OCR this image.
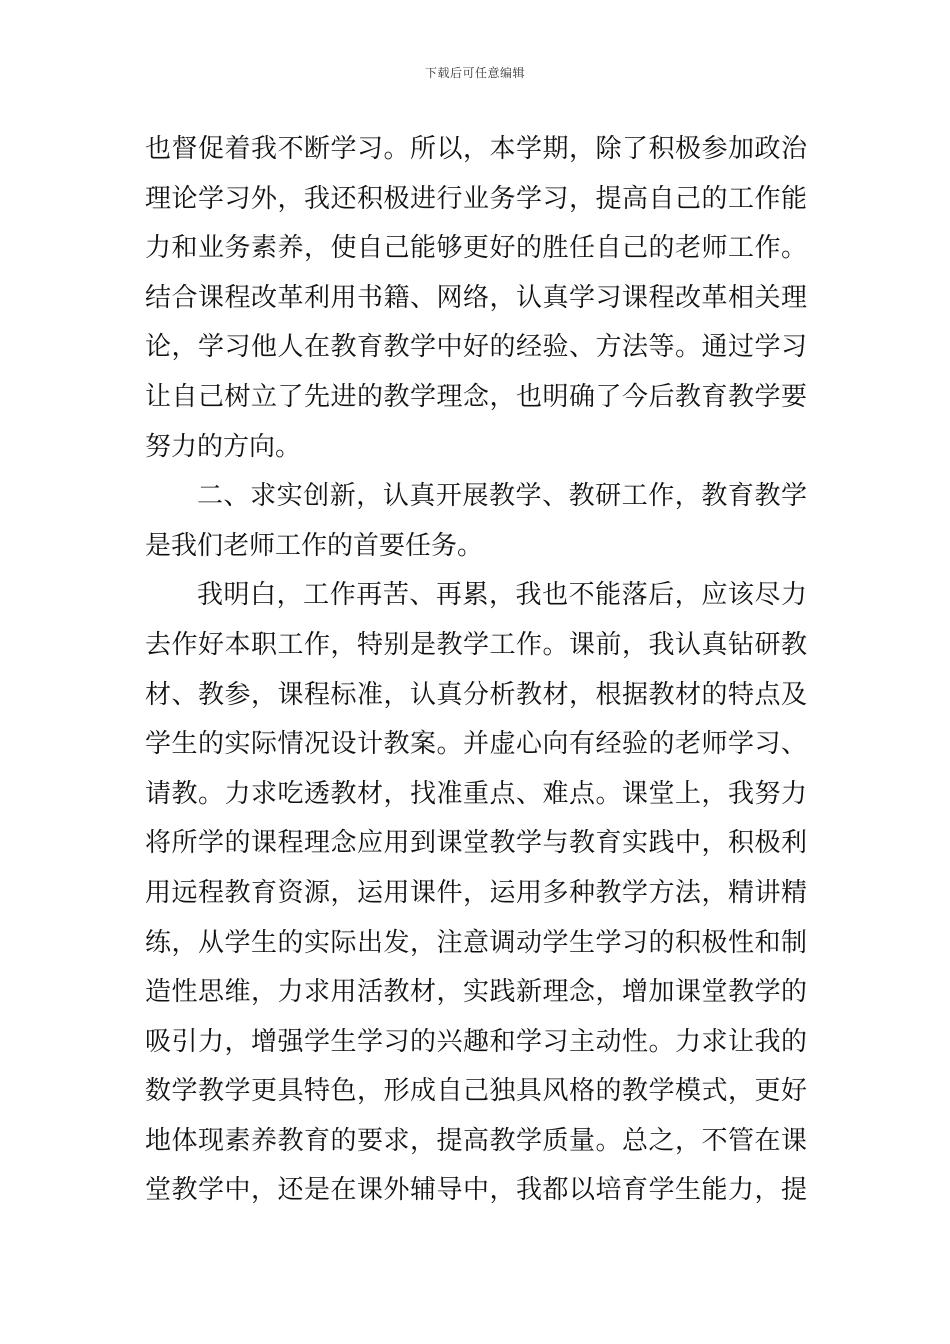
下载后可任意编辑
也督促着我不断学习。所以，本学期，除了积极参加政治
理论学习外，我还积极进行业务学习，提高自己的工作能
力和业务素养，使自己能够更好的胜任自己的老师工作。
结合课程改革利用书籍、网络，认真学习课程改革相关理
论，学习他人在教育教学中好的经验、方法等。通过学习
让自己树立了先进的教学理念，也明确了今后教育教学要
努力的方向。
二、求实创新，认真开展教学、教研工作，教育教学
是我们老师工作的首要任务。
我明白，工作再苦、再累，我也不能落后，应该尽力
去作好本职工作，特别是教学工作。课前，我认真钻研教
材、教参，课程标准，认真分析教材，根据教材的特点及
学生的实际情况设计教案。并虚心向有经验的老师学习、
请教。力求吃透教材，找准重点、难点。课堂上，我努力
将所学的课程理念应用到课堂教学与教育实践中，积极利
用远程教育资源，运用课件，运用多种教学方法，精讲精
练，从学生的实际出发，注意调动学生学习的积极性和制
造性思维，力求用活教材，实践新理念，增加课堂教学的
吸引力，增强学生学习的兴趣和学习主动性。力求让我的
数学教学更具特色，形成自己独具风格的教学模式，更好
地体现素养教育的要求，提高教学质量。总之，不管在课
堂教学中，还是在课外辅导中，我都以培育学生能力，提
